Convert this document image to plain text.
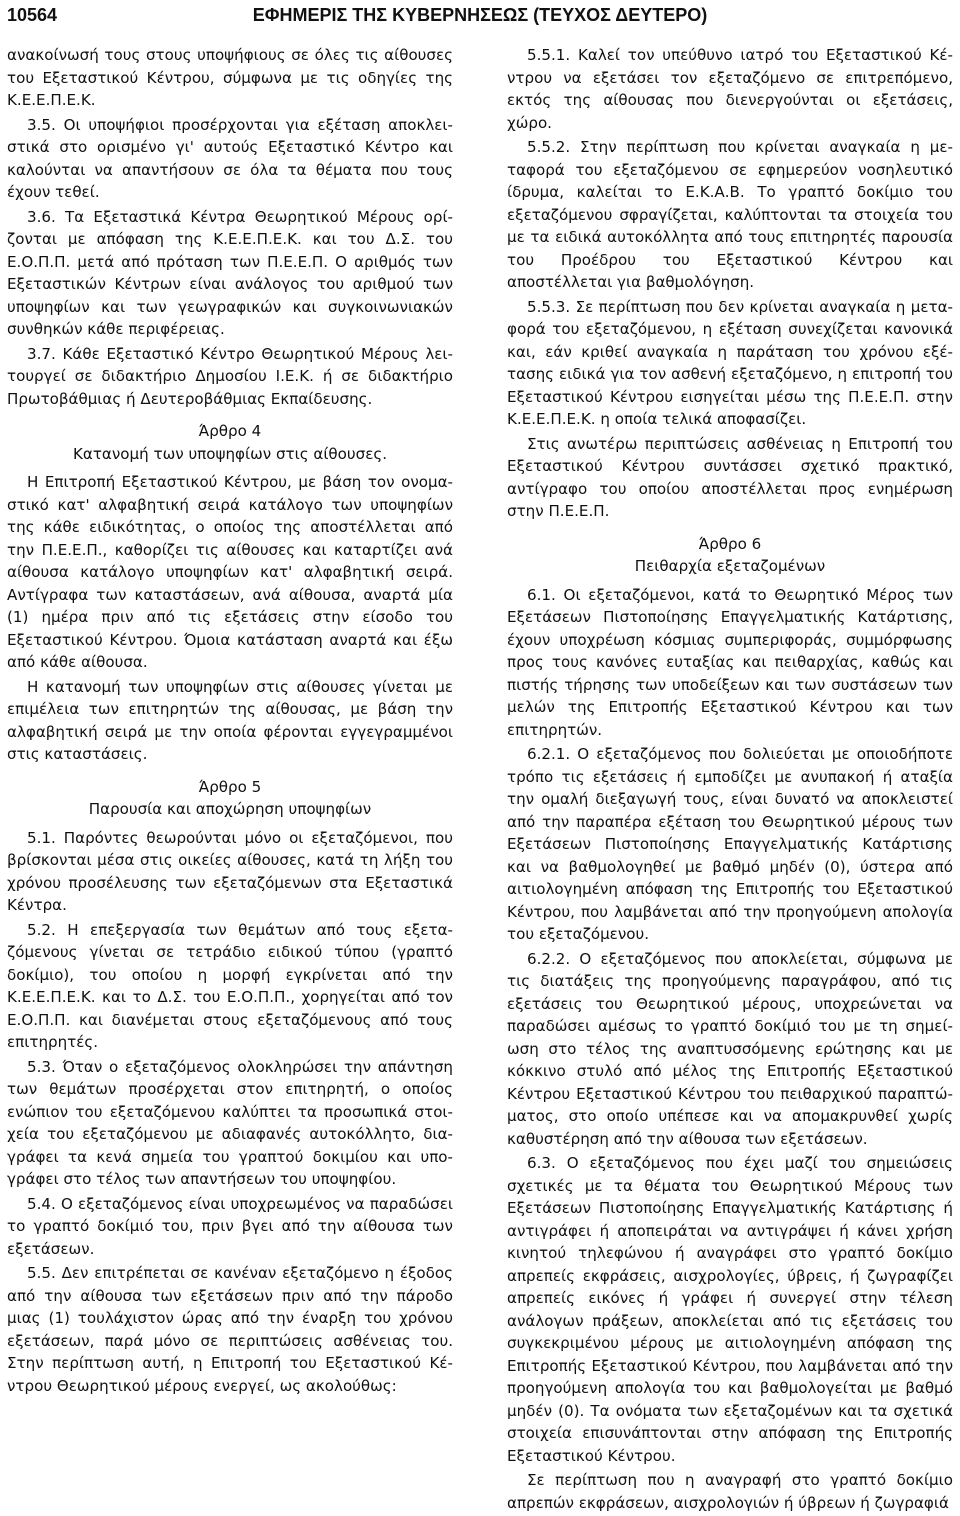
10564	ΕΦΗΜΕΡΙΣ ΤΗΣ ΚΥΒΕΡΝΗΣΕΩΣ (ΤΕΥΧΟΣ ΔΕΥΤΕΡΟ)

ανακοίνωσή τους στους υποψήφιους σε όλες τις αίθουσες του Εξεταστικού Κέντρου, σύμφωνα με τις οδηγίες της Κ.Ε.Ε.Π.Ε.Κ.

3.5. Οι υποψήφιοι προσέρχονται για εξέταση αποκλειστικά στο ορισμένο γι' αυτούς Εξεταστικό Κέντρο και καλούνται να απαντήσουν σε όλα τα θέματα που τους έχουν τεθεί.

3.6. Τα Εξεταστικά Κέντρα Θεωρητικού Μέρους ορίζονται με απόφαση της Κ.Ε.Ε.Π.Ε.Κ. και του Δ.Σ. του Ε.Ο.Π.Π. μετά από πρόταση των Π.Ε.Ε.Π. Ο αριθμός των Εξεταστικών Κέντρων είναι ανάλογος του αριθμού των υποψηφίων και των γεωγραφικών και συγκοινωνιακών συνθηκών κάθε περιφέρειας.

3.7. Κάθε Εξεταστικό Κέντρο Θεωρητικού Μέρους λειτουργεί σε διδακτήριο Δημοσίου Ι.Ε.Κ. ή σε διδακτήριο Πρωτοβάθμιας ή Δευτεροβάθμιας Εκπαίδευσης.

Άρθρο 4

Κατανομή των υποψηφίων στις αίθουσες.

Η Επιτροπή Εξεταστικού Κέντρου, με βάση τον ονομαστικό κατ' αλφαβητική σειρά κατάλογο των υποψηφίων της κάθε ειδικότητας, ο οποίος της αποστέλλεται από την Π.Ε.Ε.Π., καθορίζει τις αίθουσες και καταρτίζει ανά αίθουσα κατάλογο υποψηφίων κατ' αλφαβητική σειρά. Αντίγραφα των καταστάσεων, ανά αίθουσα, αναρτά μία (1) ημέρα πριν από τις εξετάσεις στην είσοδο του Εξεταστικού Κέντρου. Όμοια κατάσταση αναρτά και έξω από κάθε αίθουσα.

Η κατανομή των υποψηφίων στις αίθουσες γίνεται με επιμέλεια των επιτηρητών της αίθουσας, με βάση την αλφαβητική σειρά με την οποία φέρονται εγγεγραμμένοι στις καταστάσεις.

Άρθρο 5

Παρουσία και αποχώρηση υποψηφίων

5.1. Παρόντες θεωρούνται μόνο οι εξεταζόμενοι, που βρίσκονται μέσα στις οικείες αίθουσες, κατά τη λήξη του χρόνου προσέλευσης των εξεταζόμενων στα Εξεταστικά Κέντρα.

5.2. Η επεξεργασία των θεμάτων από τους εξεταζόμενους γίνεται σε τετράδιο ειδικού τύπου (γραπτό δοκίμιο), του οποίου η μορφή εγκρίνεται από την Κ.Ε.Ε.Π.Ε.Κ. και το Δ.Σ. του Ε.Ο.Π.Π., χορηγείται από τον Ε.Ο.Π.Π. και διανέμεται στους εξεταζόμενους από τους επιτηρητές.

5.3. Όταν ο εξεταζόμενος ολοκληρώσει την απάντηση των θεμάτων προσέρχεται στον επιτηρητή, ο οποίος ενώπιον του εξεταζόμενου καλύπτει τα προσωπικά στοιχεία του εξεταζόμενου με αδιαφανές αυτοκόλλητο, διαγράφει τα κενά σημεία του γραπτού δοκιμίου και υπογράφει στο τέλος των απαντήσεων του υποψηφίου.

5.4. Ο εξεταζόμενος είναι υποχρεωμένος να παραδώσει το γραπτό δοκίμιό του, πριν βγει από την αίθουσα των εξετάσεων.

5.5. Δεν επιτρέπεται σε κανέναν εξεταζόμενο η έξοδος από την αίθουσα των εξετάσεων πριν από την πάροδο μιας (1) τουλάχιστον ώρας από την έναρξη του χρόνου εξετάσεων, παρά μόνο σε περιπτώσεις ασθένειας του. Στην περίπτωση αυτή, η Επιτροπή του Εξεταστικού Κέντρου Θεωρητικού μέρους ενεργεί, ως ακολούθως:

5.5.1. Καλεί τον υπεύθυνο ιατρό του Εξεταστικού Κέντρου να εξετάσει τον εξεταζόμενο σε επιτρεπόμενο, εκτός της αίθουσας που διενεργούνται οι εξετάσεις, χώρο.

5.5.2. Στην περίπτωση που κρίνεται αναγκαία η μεταφορά του εξεταζόμενου σε εφημερεύον νοσηλευτικό ίδρυμα, καλείται το Ε.Κ.Α.Β. Το γραπτό δοκίμιο του εξεταζόμενου σφραγίζεται, καλύπτονται τα στοιχεία του με τα ειδικά αυτοκόλλητα από τους επιτηρητές παρουσία του Προέδρου του Εξεταστικού Κέντρου και αποστέλλεται για βαθμολόγηση.

5.5.3. Σε περίπτωση που δεν κρίνεται αναγκαία η μεταφορά του εξεταζόμενου, η εξέταση συνεχίζεται κανονικά και, εάν κριθεί αναγκαία η παράταση του χρόνου εξέτασης ειδικά για τον ασθενή εξεταζόμενο, η επιτροπή του Εξεταστικού Κέντρου εισηγείται μέσω της Π.Ε.Ε.Π. στην Κ.Ε.Ε.Π.Ε.Κ. η οποία τελικά αποφασίζει.

Στις ανωτέρω περιπτώσεις ασθένειας η Επιτροπή του Εξεταστικού Κέντρου συντάσσει σχετικό πρακτικό, αντίγραφο του οποίου αποστέλλεται προς ενημέρωση στην Π.Ε.Ε.Π.

Άρθρο 6

Πειθαρχία εξεταζομένων

6.1. Οι εξεταζόμενοι, κατά το Θεωρητικό Μέρος των Εξετάσεων Πιστοποίησης Επαγγελματικής Κατάρτισης, έχουν υποχρέωση κόσμιας συμπεριφοράς, συμμόρφωσης προς τους κανόνες ευταξίας και πειθαρχίας, καθώς και πιστής τήρησης των υποδείξεων και των συστάσεων των μελών της Επιτροπής Εξεταστικού Κέντρου και των επιτηρητών.

6.2.1. Ο εξεταζόμενος που δολιεύεται με οποιοδήποτε τρόπο τις εξετάσεις ή εμποδίζει με ανυπακοή ή αταξία την ομαλή διεξαγωγή τους, είναι δυνατό να αποκλειστεί από την παραπέρα εξέταση του Θεωρητικού μέρους των Εξετάσεων Πιστοποίησης Επαγγελματικής Κατάρτισης και να βαθμολογηθεί με βαθμό μηδέν (0), ύστερα από αιτιολογημένη απόφαση της Επιτροπής του Εξεταστικού Κέντρου, που λαμβάνεται από την προηγούμενη απολογία του εξεταζόμενου.

6.2.2. Ο εξεταζόμενος που αποκλείεται, σύμφωνα με τις διατάξεις της προηγούμενης παραγράφου, από τις εξετάσεις του Θεωρητικού μέρους, υποχρεώνεται να παραδώσει αμέσως το γραπτό δοκίμιό του με τη σημείωση στο τέλος της αναπτυσσόμενης ερώτησης και με κόκκινο στυλό από μέλος της Επιτροπής Εξεταστικού Κέντρου Εξεταστικού Κέντρου του πειθαρχικού παραπτώματος, στο οποίο υπέπεσε και να απομακρυνθεί χωρίς καθυστέρηση από την αίθουσα των εξετάσεων.

6.3. Ο εξεταζόμενος που έχει μαζί του σημειώσεις σχετικές με τα θέματα του Θεωρητικού Μέρους των Εξετάσεων Πιστοποίησης Επαγγελματικής Κατάρτισης ή αντιγράφει ή αποπειράται να αντιγράψει ή κάνει χρήση κινητού τηλεφώνου ή αναγράφει στο γραπτό δοκίμιο απρεπείς εκφράσεις, αισχρολογίες, ύβρεις, ή ζωγραφίζει απρεπείς εικόνες ή γράφει ή συνεργεί στην τέλεση ανάλογων πράξεων, αποκλείεται από τις εξετάσεις του συγκεκριμένου μέρους με αιτιολογημένη απόφαση της Επιτροπής Εξεταστικού Κέντρου, που λαμβάνεται από την προηγούμενη απολογία του και βαθμολογείται με βαθμό μηδέν (0). Τα ονόματα των εξεταζομένων και τα σχετικά στοιχεία επισυνάπτονται στην απόφαση της Επιτροπής Εξεταστικού Κέντρου.

Σε περίπτωση που η αναγραφή στο γραπτό δοκίμιο απρεπών εκφράσεων, αισχρολογιών ή ύβρεων ή ζωγραφιά
